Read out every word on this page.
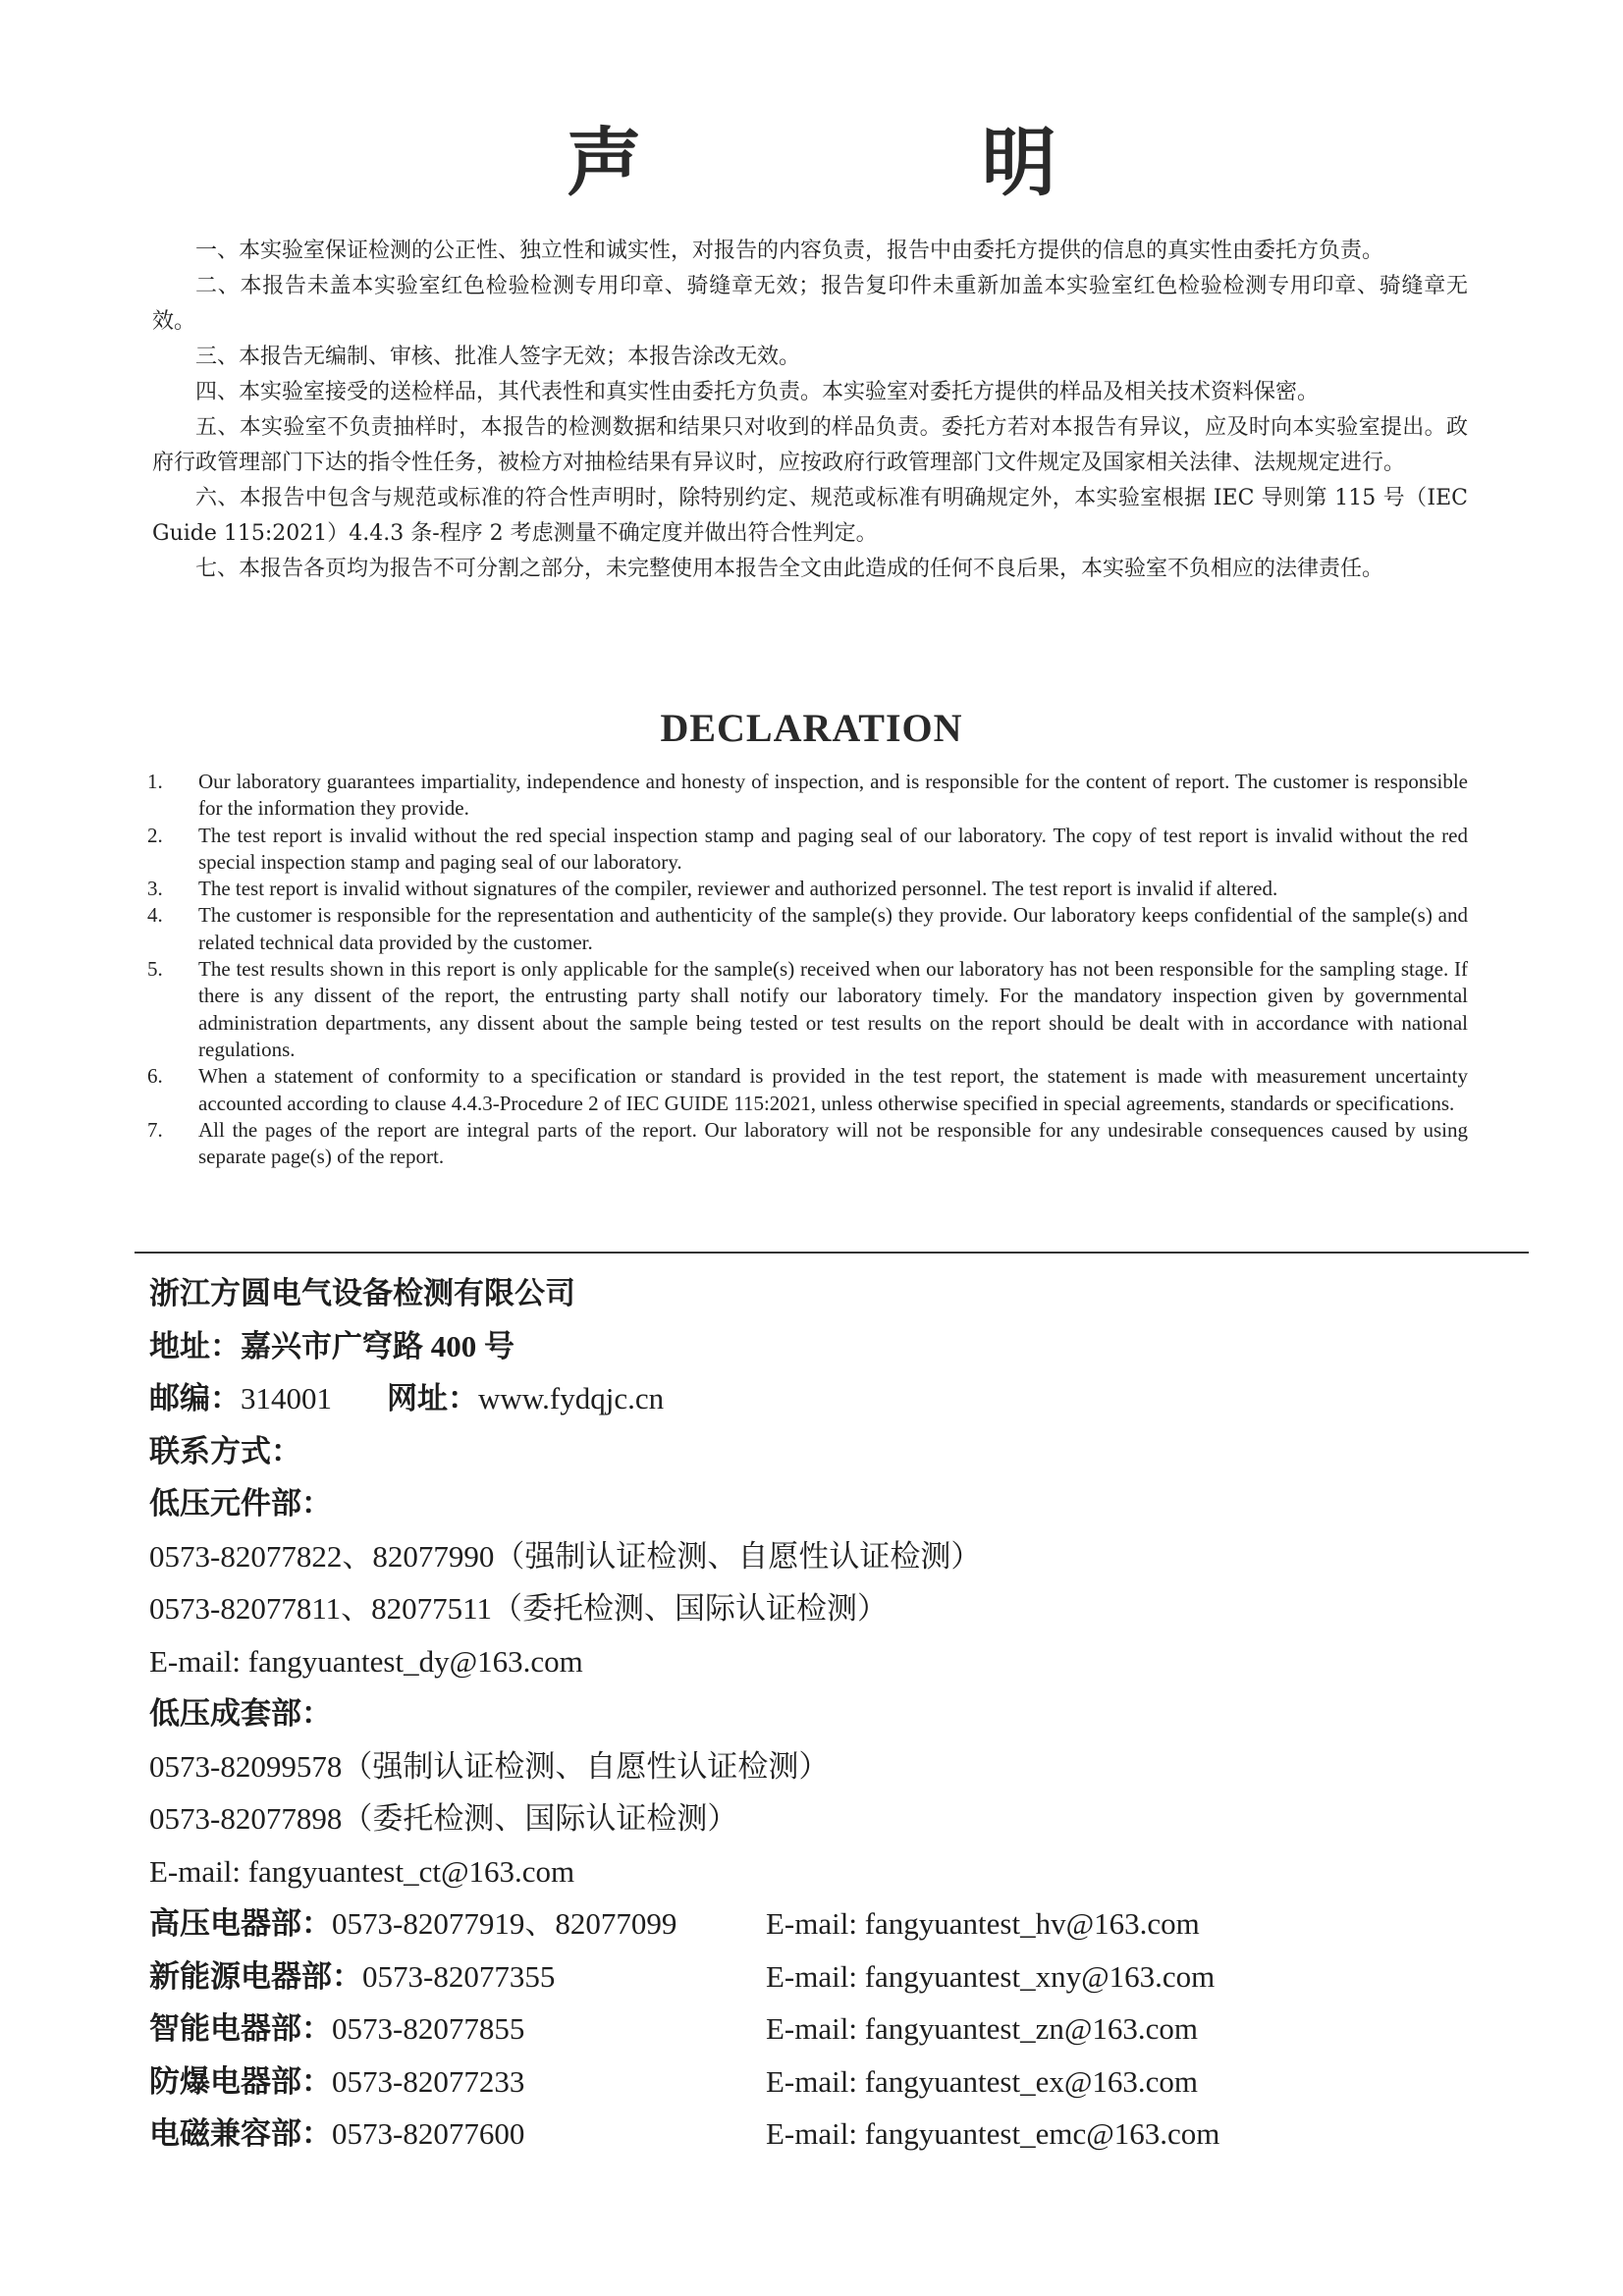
声 明

一、本实验室保证检测的公正性、独立性和诚实性，对报告的内容负责，报告中由委托方提供的信息的真实性由委托方负责。

二、本报告未盖本实验室红色检验检测专用印章、骑缝章无效；报告复印件未重新加盖本实验室红色检验检测专用印章、骑缝章无效。

三、本报告无编制、审核、批准人签字无效；本报告涂改无效。

四、本实验室接受的送检样品，其代表性和真实性由委托方负责。本实验室对委托方提供的样品及相关技术资料保密。

五、本实验室不负责抽样时，本报告的检测数据和结果只对收到的样品负责。委托方若对本报告有异议，应及时向本实验室提出。政府行政管理部门下达的指令性任务，被检方对抽检结果有异议时，应按政府行政管理部门文件规定及国家相关法律、法规规定进行。

六、本报告中包含与规范或标准的符合性声明时，除特别约定、规范或标准有明确规定外，本实验室根据 IEC 导则第 115 号（IEC Guide 115:2021）4.4.3 条-程序 2 考虑测量不确定度并做出符合性判定。

七、本报告各页均为报告不可分割之部分，未完整使用本报告全文由此造成的任何不良后果，本实验室不负相应的法律责任。

DECLARATION
1. Our laboratory guarantees impartiality, independence and honesty of inspection, and is responsible for the content of report. The customer is responsible for the information they provide.
2. The test report is invalid without the red special inspection stamp and paging seal of our laboratory. The copy of test report is invalid without the red special inspection stamp and paging seal of our laboratory.
3. The test report is invalid without signatures of the compiler, reviewer and authorized personnel. The test report is invalid if altered.
4. The customer is responsible for the representation and authenticity of the sample(s) they provide. Our laboratory keeps confidential of the sample(s) and related technical data provided by the customer.
5. The test results shown in this report is only applicable for the sample(s) received when our laboratory has not been responsible for the sampling stage. If there is any dissent of the report, the entrusting party shall notify our laboratory timely. For the mandatory inspection given by governmental administration departments, any dissent about the sample being tested or test results on the report should be dealt with in accordance with national regulations.
6. When a statement of conformity to a specification or standard is provided in the test report, the statement is made with measurement uncertainty accounted according to clause 4.4.3-Procedure 2 of IEC GUIDE 115:2021, unless otherwise specified in special agreements, standards or specifications.
7. All the pages of the report are integral parts of the report. Our laboratory will not be responsible for any undesirable consequences caused by using separate page(s) of the report.
浙江方圆电气设备检测有限公司
地址：嘉兴市广穹路 400 号
邮编：314001 网址：www.fydqjc.cn
联系方式：
低压元件部：
0573-82077822、82077990（强制认证检测、自愿性认证检测）
0573-82077811、82077511（委托检测、国际认证检测）
E-mail: fangyuantest_dy@163.com
低压成套部：
0573-82099578（强制认证检测、自愿性认证检测）
0573-82077898（委托检测、国际认证检测）
E-mail: fangyuantest_ct@163.com
高压电器部：0573-82077919、82077099	E-mail: fangyuantest_hv@163.com
新能源电器部：0573-82077355	E-mail: fangyuantest_xny@163.com
智能电器部：0573-82077855	E-mail: fangyuantest_zn@163.com
防爆电器部：0573-82077233	E-mail: fangyuantest_ex@163.com
电磁兼容部：0573-82077600	E-mail: fangyuantest_emc@163.com
